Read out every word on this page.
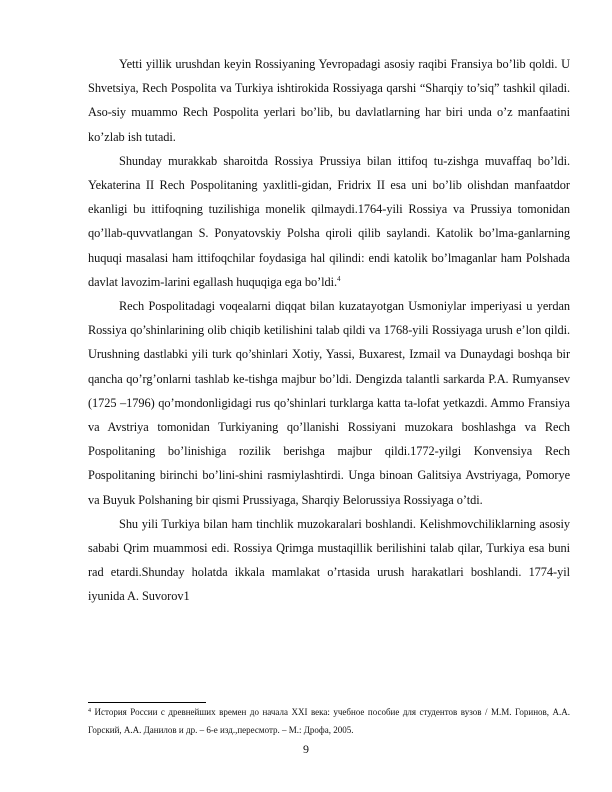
Yetti yillik urushdan keyin Rossiyaning Yevropadagi asosiy raqibi Fransiya bo’lib qoldi. U Shvetsiya, Rech Pospolita va Turkiya ishtirokida Rossiyaga qarshi “Sharqiy to’siq” tashkil qiladi. Aso-siy muammo Rech Pospolita yerlari bo’lib, bu davlatlarning har biri unda o’z manfaatini ko’zlab ish tutadi.

Shunday murakkab sharoitda Rossiya Prussiya bilan ittifoq tu-zishga muvaffaq bo’ldi. Yekaterina II Rech Pospolitaning yaxlitli-gidan, Fridrix II esa uni bo’lib olishdan manfaatdor ekanligi bu ittifoqning tuzilishiga monelik qilmaydi.1764-yili Rossiya va Prussiya tomonidan qo’llab-quvvatlangan S. Ponyatovskiy Polsha qiroli qilib saylandi. Katolik bo’lma-ganlarning huquqi masalasi ham ittifoqchilar foydasiga hal qilindi: endi katolik bo’lmaganlar ham Polshada davlat lavozim-larini egallash huquqiga ega bo’ldi.$^4$

Rech Pospolitadagi voqealarni diqqat bilan kuzatayotgan Usmoniylar imperiyasi u yerdan Rossiya qo’shinlarining olib chiqib ketilishini talab qildi va 1768-yili Rossiyaga urush e’lon qildi. Urushning dastlabki yili turk qo’shinlari Xotiy, Yassi, Buxarest, Izmail va Dunaydagi boshqa bir qancha qo’rg’onlarni tashlab ke-tishga majbur bo’ldi. Dengizda talantli sarkarda P.A. Rumyansev (1725 –1796) qo’mondonligidagi rus qo’shinlari turklarga katta ta-lofat yetkazdi. Ammo Fransiya va Avstriya tomonidan Turkiyaning qo’llanishi Rossiyani muzokara boshlashga va Rech Pospolitaning bo’linishiga rozilik berishga majbur qildi.1772-yilgi Konvensiya Rech Pospolitaning birinchi bo’lini-shini rasmiylashtirdi. Unga binoan Galitsiya Avstriyaga, Pomorye va Buyuk Polshaning bir qismi Prussiyaga, Sharqiy Belorussiya Rossiyaga o’tdi.

Shu yili Turkiya bilan ham tinchlik muzokaralari boshlandi. Kelishmovchiliklarning asosiy sababi Qrim muammosi edi. Rossiya Qrimga mustaqillik berilishini talab qilar, Turkiya esa buni rad etardi.Shunday holatda ikkala mamlakat o’rtasida urush harakatlari boshlandi. 1774-yil iyunida A. Suvorov1

$^4$ История России с древнейших времен до начала XXI века: учебное пособие для студентов вузов / М.М. Горинов, А.А. Горский, А.А. Данилов и др. – 6-е изд.,пересмотр. – М.: Дрофа, 2005.

9
